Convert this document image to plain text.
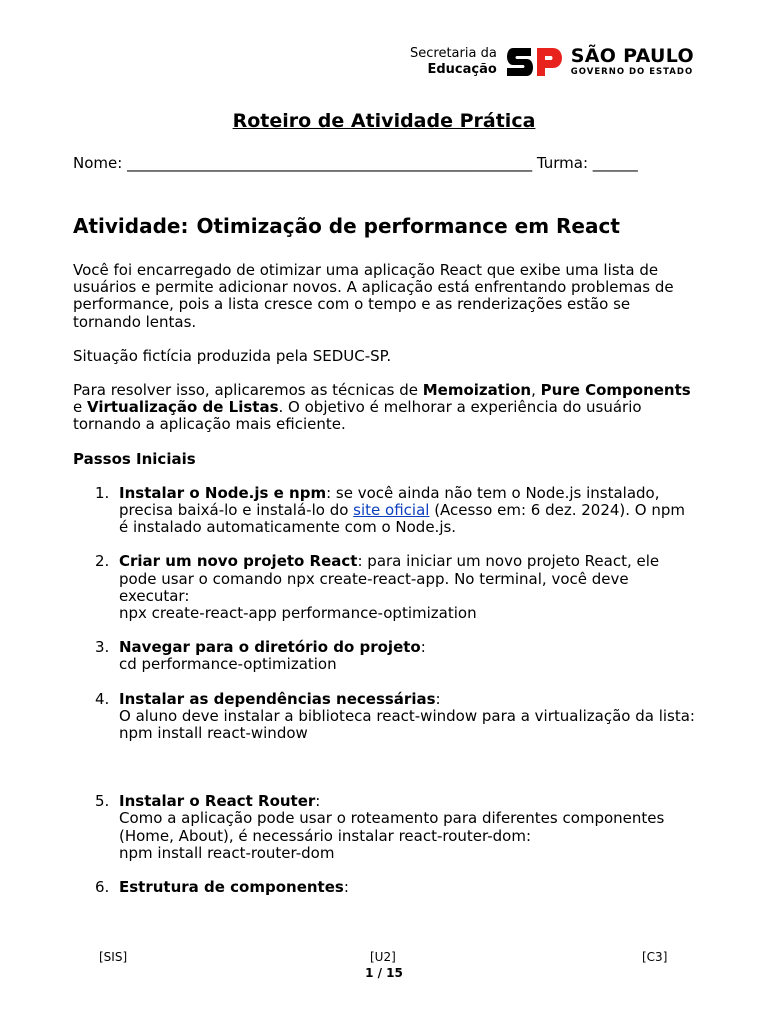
Secretaria da
Educação
SÃO PAULO
GOVERNO DO ESTADO
Roteiro de Atividade Prática
Nome: ______________________________________________________ Turma: ______
Atividade: Otimização de performance em React

Você foi encarregado de otimizar uma aplicação React que exibe uma lista de usuários e permite adicionar novos. A aplicação está enfrentando problemas de performance, pois a lista cresce com o tempo e as renderizações estão se tornando lentas.

Situação fictícia produzida pela SEDUC-SP.

Para resolver isso, aplicaremos as técnicas de Memoization, Pure Components e Virtualização de Listas. O objetivo é melhorar a experiência do usuário tornando a aplicação mais eficiente.

Passos Iniciais

1. Instalar o Node.js e npm: se você ainda não tem o Node.js instalado, precisa baixá-lo e instalá-lo do site oficial (Acesso em: 6 dez. 2024). O npm é instalado automaticamente com o Node.js.
2. Criar um novo projeto React: para iniciar um novo projeto React, ele pode usar o comando npx create-react-app. No terminal, você deve executar:
npx create-react-app performance-optimization
3. Navegar para o diretório do projeto:
cd performance-optimization
4. Instalar as dependências necessárias:
O aluno deve instalar a biblioteca react-window para a virtualização da lista:
npm install react-window
5. Instalar o React Router:
Como a aplicação pode usar o roteamento para diferentes componentes (Home, About), é necessário instalar react-router-dom:
npm install react-router-dom
6. Estrutura de componentes:
[SIS]	[U2]	[C3]
1 / 15
